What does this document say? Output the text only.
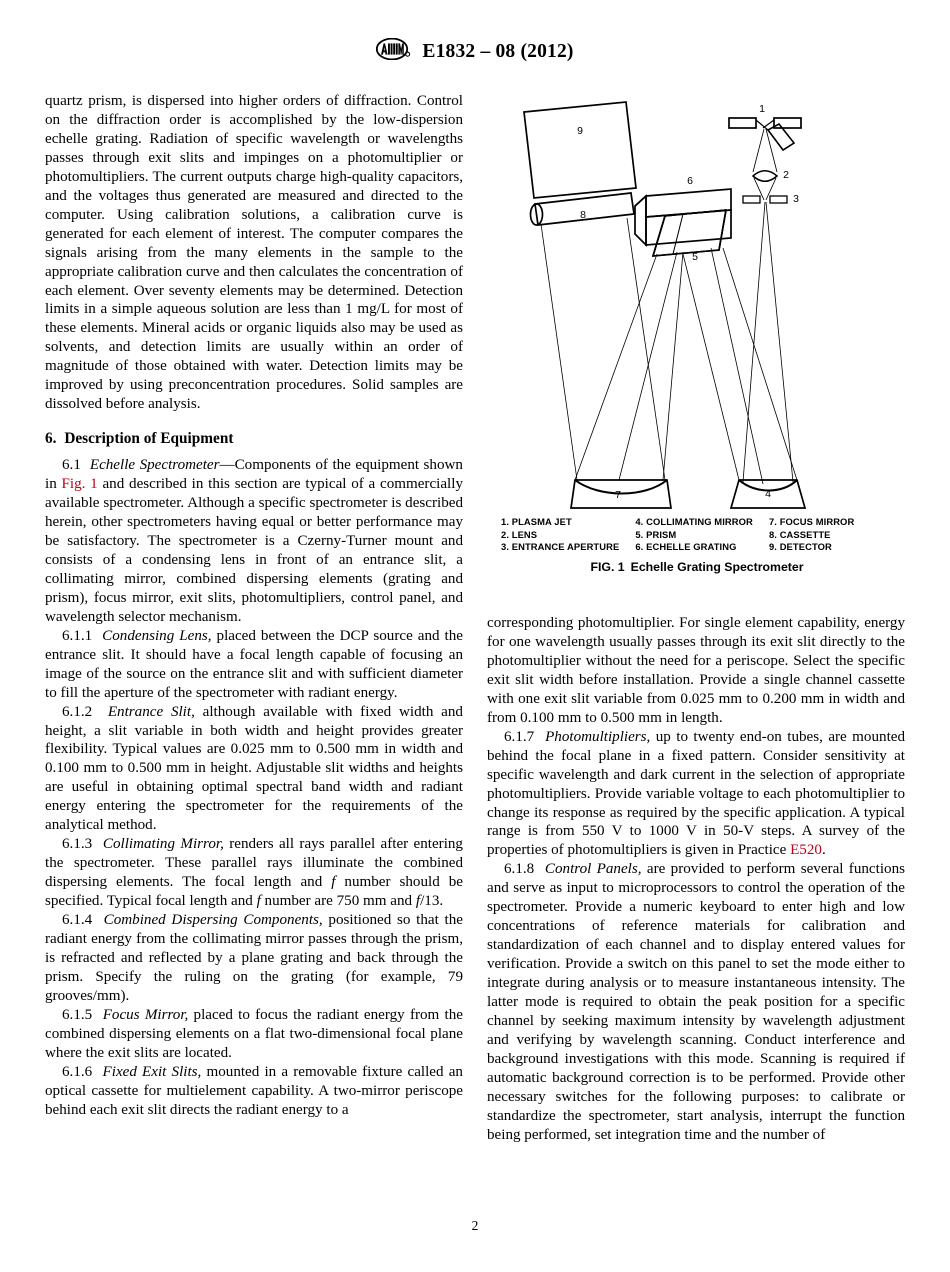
E1832 – 08 (2012)

quartz prism, is dispersed into higher orders of diffraction. Control on the diffraction order is accomplished by the low-dispersion echelle grating. Radiation of specific wavelength or wavelengths passes through exit slits and impinges on a photomultiplier or photomultipliers. The current outputs charge high-quality capacitors, and the voltages thus generated are measured and directed to the computer. Using calibration solutions, a calibration curve is generated for each element of interest. The computer compares the signals arising from the many elements in the sample to the appropriate calibration curve and then calculates the concentration of each element. Over seventy elements may be determined. Detection limits in a simple aqueous solution are less than 1 mg/L for most of these elements. Mineral acids or organic liquids also may be used as solvents, and detection limits are usually within an order of magnitude of those obtained with water. Detection limits may be improved by using preconcentration procedures. Solid samples are dissolved before analysis.

6. Description of Equipment

6.1 Echelle Spectrometer—Components of the equipment shown in Fig. 1 and described in this section are typical of a commercially available spectrometer. Although a specific spectrometer is described herein, other spectrometers having equal or better performance may be satisfactory. The spectrometer is a Czerny-Turner mount and consists of a condensing lens in front of an entrance slit, a collimating mirror, combined dispersing elements (grating and prism), focus mirror, exit slits, photomultipliers, control panel, and wavelength selector mechanism.

6.1.1 Condensing Lens, placed between the DCP source and the entrance slit. It should have a focal length capable of focusing an image of the source on the entrance slit and with sufficient diameter to fill the aperture of the spectrometer with radiant energy.

6.1.2 Entrance Slit, although available with fixed width and height, a slit variable in both width and height provides greater flexibility. Typical values are 0.025 mm to 0.500 mm in width and 0.100 mm to 0.500 mm in height. Adjustable slit widths and heights are useful in obtaining optimal spectral band width and radiant energy entering the spectrometer for the requirements of the analytical method.

6.1.3 Collimating Mirror, renders all rays parallel after entering the spectrometer. These parallel rays illuminate the combined dispersing elements. The focal length and f number should be specified. Typical focal length and f number are 750 mm and f/13.

6.1.4 Combined Dispersing Components, positioned so that the radiant energy from the collimating mirror passes through the prism, is refracted and reflected by a plane grating and back through the prism. Specify the ruling on the grating (for example, 79 grooves/mm).

6.1.5 Focus Mirror, placed to focus the radiant energy from the combined dispersing elements on a flat two-dimensional focal plane where the exit slits are located.

6.1.6 Fixed Exit Slits, mounted in a removable fixture called an optical cassette for multielement capability. A two-mirror periscope behind each exit slit directs the radiant energy to a

1
2
3
4
5
6
7
8
9
1. PLASMA JET	4. COLLIMATING MIRROR	7. FOCUS MIRROR
2. LENS	5. PRISM	8. CASSETTE
3. ENTRANCE APERTURE	6. ECHELLE GRATING	9. DETECTOR
FIG. 1 Echelle Grating Spectrometer

corresponding photomultiplier. For single element capability, energy for one wavelength usually passes through its exit slit directly to the photomultiplier without the need for a periscope. Select the specific exit slit width before installation. Provide a single channel cassette with one exit slit variable from 0.025 mm to 0.200 mm in width and from 0.100 mm to 0.500 mm in length.

6.1.7 Photomultipliers, up to twenty end-on tubes, are mounted behind the focal plane in a fixed pattern. Consider sensitivity at specific wavelength and dark current in the selection of appropriate photomultipliers. Provide variable voltage to each photomultiplier to change its response as required by the specific application. A typical range is from 550 V to 1000 V in 50-V steps. A survey of the properties of photomultipliers is given in Practice E520.

6.1.8 Control Panels, are provided to perform several functions and serve as input to microprocessors to control the operation of the spectrometer. Provide a numeric keyboard to enter high and low concentrations of reference materials for calibration and standardization of each channel and to display entered values for verification. Provide a switch on this panel to set the mode either to integrate during analysis or to measure instantaneous intensity. The latter mode is required to obtain the peak position for a specific channel by seeking maximum intensity by wavelength adjustment and verifying by wavelength scanning. Conduct interference and background investigations with this mode. Scanning is required if automatic background correction is to be performed. Provide other necessary switches for the following purposes: to calibrate or standardize the spectrometer, start analysis, interrupt the function being performed, set integration time and the number of

2
